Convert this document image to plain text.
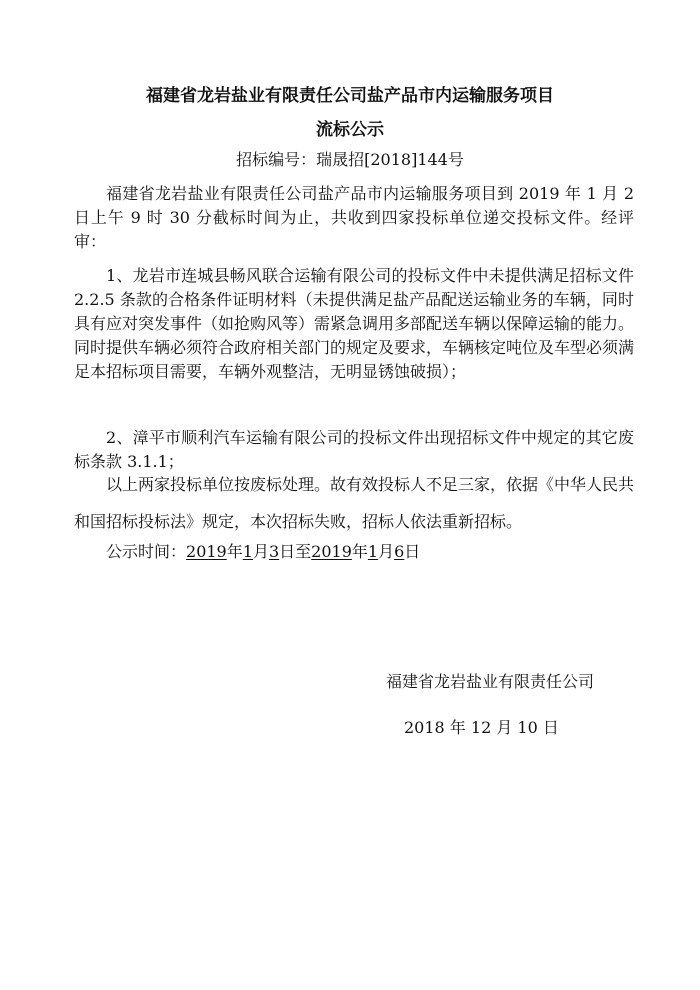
福建省龙岩盐业有限责任公司盐产品市内运输服务项目
流标公示
招标编号：瑞晟招[2018]144号

福建省龙岩盐业有限责任公司盐产品市内运输服务项目到 2019 年 1 月 2 日上午 9 时 30 分截标时间为止，共收到四家投标单位递交投标文件。经评审：

1、龙岩市连城县畅风联合运输有限公司的投标文件中未提供满足招标文件 2.2.5 条款的合格条件证明材料（未提供满足盐产品配送运输业务的车辆，同时具有应对突发事件（如抢购风等）需紧急调用多部配送车辆以保障运输的能力。同时提供车辆必须符合政府相关部门的规定及要求，车辆核定吨位及车型必须满足本招标项目需要，车辆外观整洁，无明显锈蚀破损）；

2、漳平市顺利汽车运输有限公司的投标文件出现招标文件中规定的其它废标条款 3.1.1；

以上两家投标单位按废标处理。故有效投标人不足三家，依据《中华人民共和国招标投标法》规定，本次招标失败，招标人依法重新招标。

公示时间：2019年1月3日至2019年1月6日
福建省龙岩盐业有限责任公司
2018 年 12 月 10 日
